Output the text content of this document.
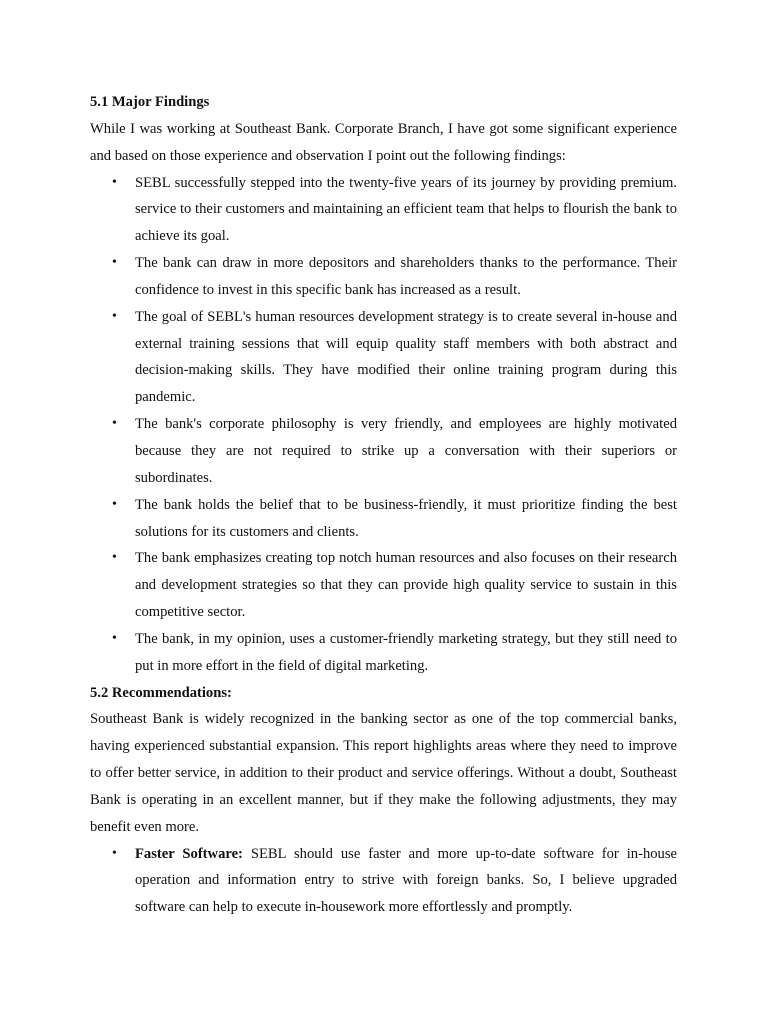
5.1 Major Findings

While I was working at Southeast Bank. Corporate Branch, I have got some significant experience and based on those experience and observation I point out the following findings:

• SEBL successfully stepped into the twenty-five years of its journey by providing premium. service to their customers and maintaining an efficient team that helps to flourish the bank to achieve its goal.
• The bank can draw in more depositors and shareholders thanks to the performance. Their confidence to invest in this specific bank has increased as a result.
• The goal of SEBL's human resources development strategy is to create several in-house and external training sessions that will equip quality staff members with both abstract and decision-making skills. They have modified their online training program during this pandemic.
• The bank's corporate philosophy is very friendly, and employees are highly motivated because they are not required to strike up a conversation with their superiors or subordinates.
• The bank holds the belief that to be business-friendly, it must prioritize finding the best solutions for its customers and clients.
• The bank emphasizes creating top notch human resources and also focuses on their research and development strategies so that they can provide high quality service to sustain in this competitive sector.
• The bank, in my opinion, uses a customer-friendly marketing strategy, but they still need to put in more effort in the field of digital marketing.

5.2 Recommendations:

Southeast Bank is widely recognized in the banking sector as one of the top commercial banks, having experienced substantial expansion. This report highlights areas where they need to improve to offer better service, in addition to their product and service offerings. Without a doubt, Southeast Bank is operating in an excellent manner, but if they make the following adjustments, they may benefit even more.

• Faster Software: SEBL should use faster and more up-to-date software for in-house operation and information entry to strive with foreign banks. So, I believe upgraded software can help to execute in-housework more effortlessly and promptly.
